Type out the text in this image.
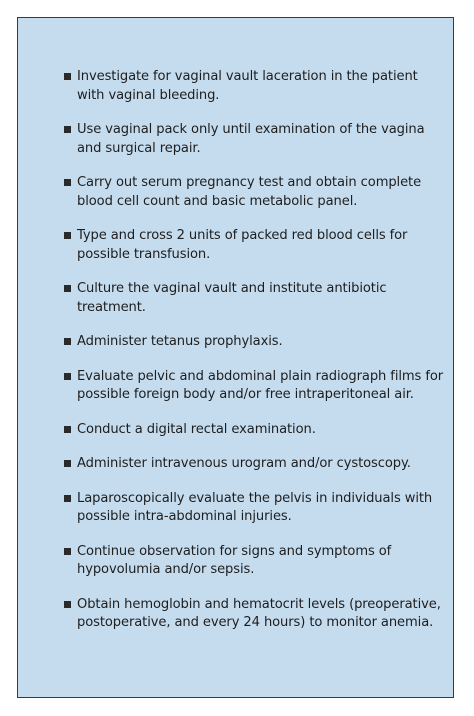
Investigate for vaginal vault laceration in the patient with vaginal bleeding.
Use vaginal pack only until examination of the vagina and surgical repair.
Carry out serum pregnancy test and obtain complete blood cell count and basic metabolic panel.
Type and cross 2 units of packed red blood cells for possible transfusion.
Culture the vaginal vault and institute antibiotic treatment.
Administer tetanus prophylaxis.
Evaluate pelvic and abdominal plain radiograph films for possible foreign body and/or free intraperitoneal air.
Conduct a digital rectal examination.
Administer intravenous urogram and/or cystoscopy.
Laparoscopically evaluate the pelvis in individuals with possible intra-abdominal injuries.
Continue observation for signs and symptoms of hypovolumia and/or sepsis.
Obtain hemoglobin and hematocrit levels (preoperative, postoperative, and every 24 hours) to monitor anemia.
